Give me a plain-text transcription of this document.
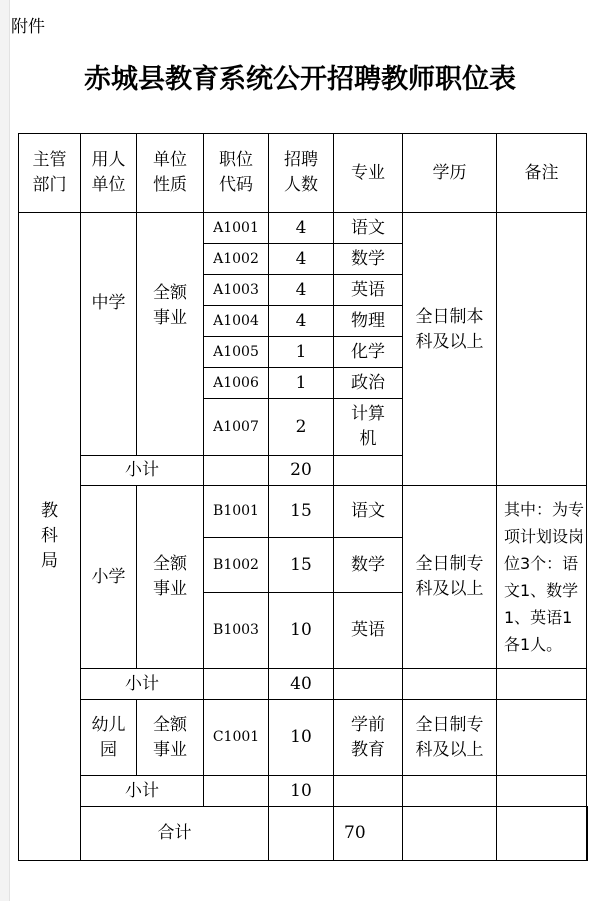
附件
赤城县教育系统公开招聘教师职位表
主管部门	用人单位	单位性质	职位代码	招聘人数	专业	学历	备注	
教科局	中学	全额事业	A1001	4	语文	全日制本科及以上		
			A1002	4	数学			
			A1003	4	英语			
			A1004	4	物理			
			A1005	1	化学			
			A1006	1	政治			
			A1007	2	计算机			
	小计			20				
	小学	全额事业	B1001	15	语文	全日制专科及以上	其中：为专项计划设岗位3个：语文1、数学1、英语1各1人。	
			B1002	15	数学			
			B1003	10	英语			
	小计			40				
	幼儿园	全额事业	C1001	10	学前教育	全日制专科及以上		
	小计			10				
	合计				70			
